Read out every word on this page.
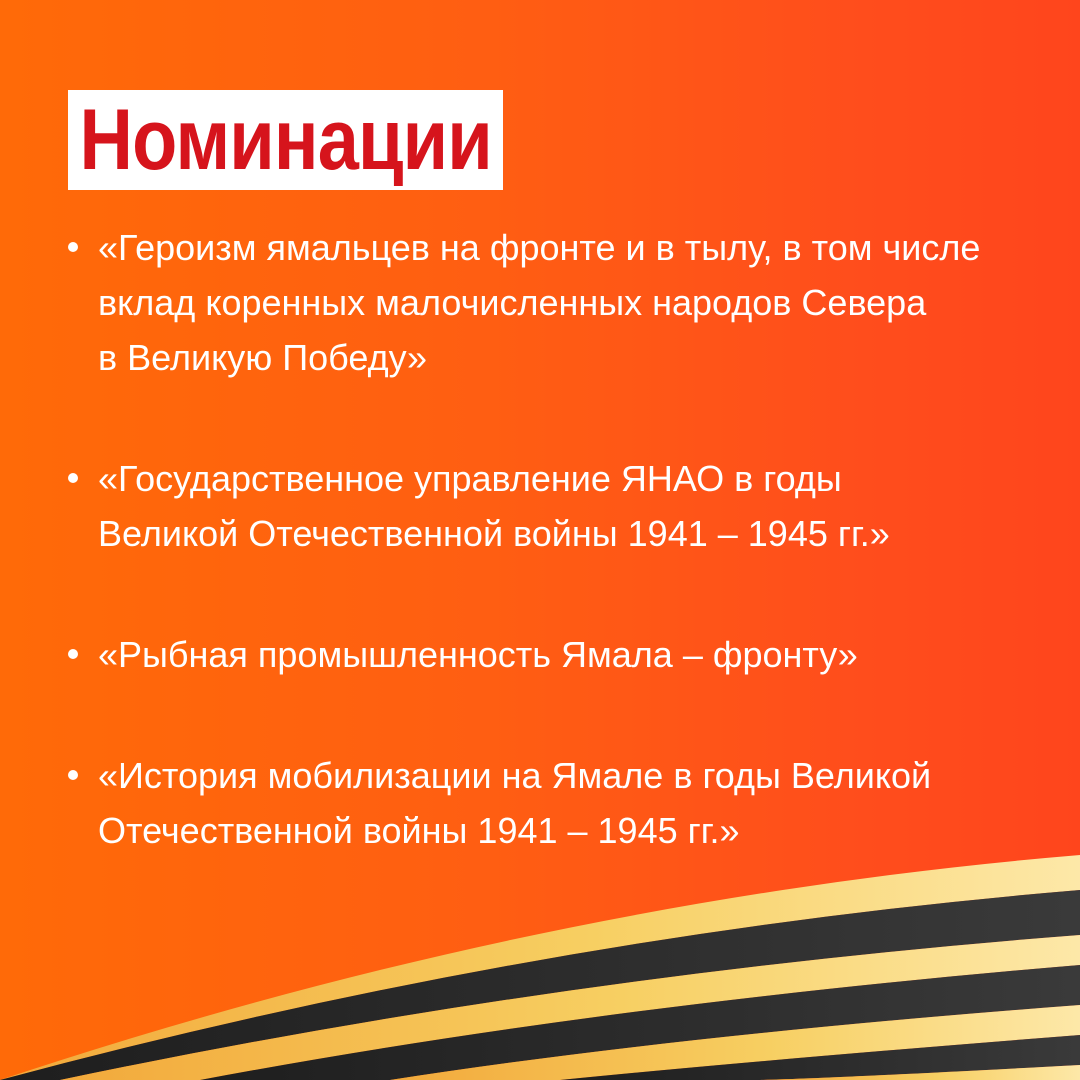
Номинации
«Героизм ямальцев на фронте и в тылу, в том числе
вклад коренных малочисленных народов Севера
в Великую Победу»
«Государственное управление ЯНАО в годы
Великой Отечественной войны 1941 – 1945 гг.»
«Рыбная промышленность Ямала – фронту»
«История мобилизации на Ямале в годы Великой
Отечественной войны 1941 – 1945 гг.»
